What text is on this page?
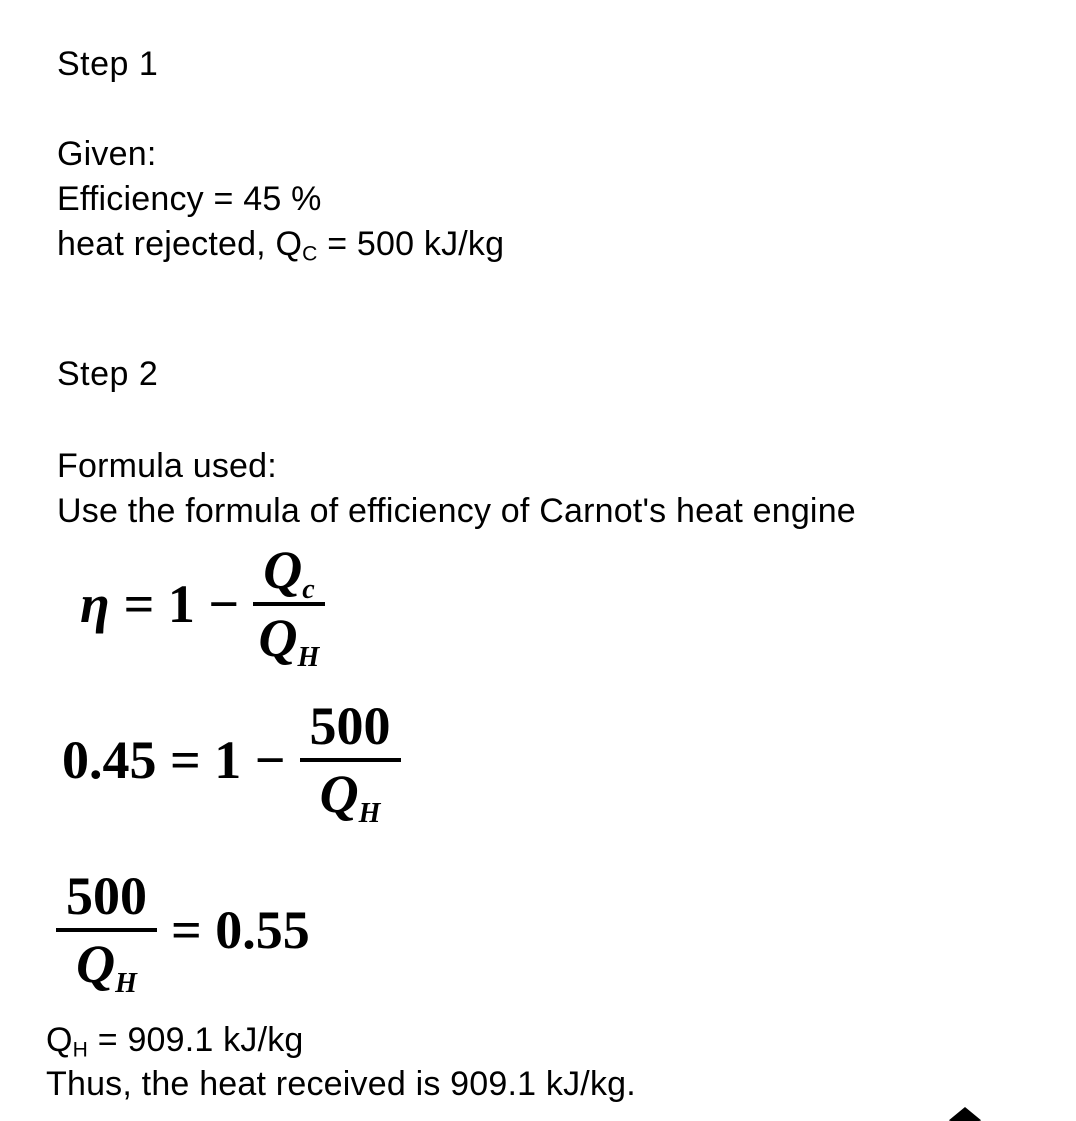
Step 1
Given:
Efficiency = 45 %
heat rejected, $Q_C = 500$ kJ/kg
Step 2
Formula used:
Use the formula of efficiency of Carnot's heat engine
$\eta = 1 - \frac{Q_c}{Q_H}$
$0.45 = 1 - \frac{500}{Q_H}$
$\frac{500}{Q_H} = 0.55$
$Q_H = 909.1$ kJ/kg
Thus, the heat received is 909.1 kJ/kg.
